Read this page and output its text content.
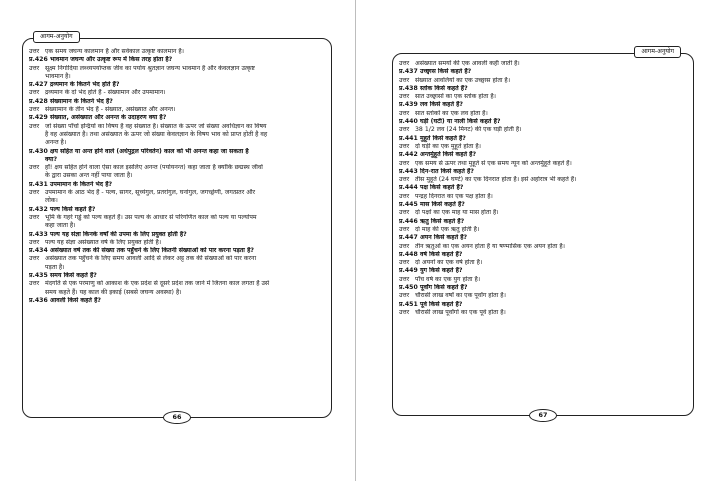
आगम-अनुयोग
उत्तर एक समय जघन्य कालमान है और सर्वकाल उत्कृष्ट कालमान है।
प्र.426 भावमान जघन्य और उत्कृष्ट रूप में किस तरह होता है?
उत्तर सूक्ष्म निगोदिया लब्ध्यपर्याप्तक जीव का पर्याय श्रुतज्ञान जघन्य भावमान है और केवलज्ञान उत्कृष्ट
भावमान है।
प्र.427 द्रव्यमान के कितने भेद होते हैं?
उत्तर द्रव्यमान के दो भेद होते हैं - संख्यामान और उपमामान।
प्र.428 संख्यामान के कितने भेद हैं?
उत्तर संख्यामान के तीन भेद हैं - संख्यात, असंख्यात और अनन्त।
प्र.429 संख्यात, असंख्यात और अनन्त के उदाहरण क्या है?
उत्तर जो संख्या पाँचों इन्द्रियों का विषय है वह संख्यात है। संख्यात के ऊपर जो संख्या अवधिज्ञान का विषय
है वह असंख्यात है। तथा असंख्यात के ऊपर जो संख्या केवलज्ञान के विषय भाव को प्राप्त होती है वह
अनन्त है।
प्र.430 क्षय सहित या अन्त होने वाले (अर्धपुद्गल परिवर्तन) काल को भी अनन्त कहा जा सकता है
क्या?
उत्तर हाँ! क्षय सहित होने वाला ऐसा काल इसलिए अनन्त (पर्यायनन्त) कहा जाता है क्योंकि छद्मस्थ जीवों
के द्वारा उसका अन्त नहीं पाया जाता है।
प्र.431 उपमामान के कितने भेद हैं?
उत्तर उपमामान के आठ भेद हैं - पल्य, सागर, सूच्यंगुल, प्रतरांगुल, घनांगुल, जगच्छ्रेणी, जगत्प्रतर और
लोक।
प्र.432 पल्य किसे कहते हैं?
उत्तर भूमि के गहरे गड्ढे को पल्य कहते हैं। उस पल्य के आधार से परिगणित काल को पल्य या पल्योपम
कहा जाता है।
प्र.433 पल्य यह संज्ञा किनके वर्षों की उपमा के लिए प्रयुक्त होती है?
उत्तर पल्य यह संज्ञा असंख्यात वर्ष के लिए प्रयुक्त होती है।
प्र.434 असंख्यात वर्ष तक की संख्या तक पहुँचने के लिए कितनी संख्याओं को पार करना पड़ता है?
उत्तर असंख्यात तक पहुँचने के लिए समय आवली आदि से लेकर अट्ट तक की संख्याओं को पार करना
पड़ता है।
प्र.435 समय किसे कहते हैं?
उत्तर मंदगति से एक परमाणु को आकाश के एक प्रदेश से दूसरे प्रदेश तक जाने में जितना काल लगता है उसे
समय कहते हैं। यह काल की इकाई (सबसे जघन्य अवस्था) है।
प्र.436 आवली किसे कहते हैं?
66
आगम-अनुयोग
उत्तर असंख्यात समयों की एक आवली कही जाती है।
प्र.437 उच्छ्वास किसे कहते हैं?
उत्तर संख्यात आवलियों का एक उच्छ्वास होता है।
प्र.438 स्तोक किसे कहते हैं?
उत्तर सात उच्छ्वासों का एक स्तोक होता है।
प्र.439 लव किसे कहते हैं?
उत्तर सात स्तोकों का एक लव होता है।
प्र.440 घड़ी (घटी) या नाली किसे कहते हैं?
उत्तर 38 1/2 लव (24 मिनट) की एक घड़ी होती है।
प्र.441 मुहूर्त किसे कहते हैं?
उत्तर दो घड़ी का एक मुहूर्त होता है।
प्र.442 अन्तर्मुहूर्त किसे कहते हैं?
उत्तर एक समय से ऊपर तथा मुहूर्त से एक समय न्यून को अन्तर्मुहूर्त कहते हैं।
प्र.443 दिन-रात किसे कहते हैं?
उत्तर तीस मुहूर्त (24 घण्टे) का एक दिनरात होता है। इसे अहोरात्र भी कहते हैं।
प्र.444 पक्ष किसे कहते हैं?
उत्तर पन्द्रह दिनरात का एक पक्ष होता है।
प्र.445 मास किसे कहते हैं?
उत्तर दो पक्षों का एक माह या मास होता है।
प्र.446 ऋतु किसे कहते हैं?
उत्तर दो माह की एक ऋतु होती है।
प्र.447 अयन किसे कहते हैं?
उत्तर तीन ऋतुओं का एक अयन होता है या षण्मासिक एक अयन होता है।
प्र.448 वर्ष किसे कहते हैं?
उत्तर दो अयनों का एक वर्ष होता है।
प्र.449 युग किसे कहते हैं?
उत्तर पाँच वर्ष का एक युग होता है।
प्र.450 पूर्वांग किसे कहते हैं?
उत्तर चौरासी लाख वर्षों का एक पूर्वांग होता है।
प्र.451 पूर्व किसे कहते हैं?
उत्तर चौरासी लाख पूर्वांगों का एक पूर्व होता है।
67
